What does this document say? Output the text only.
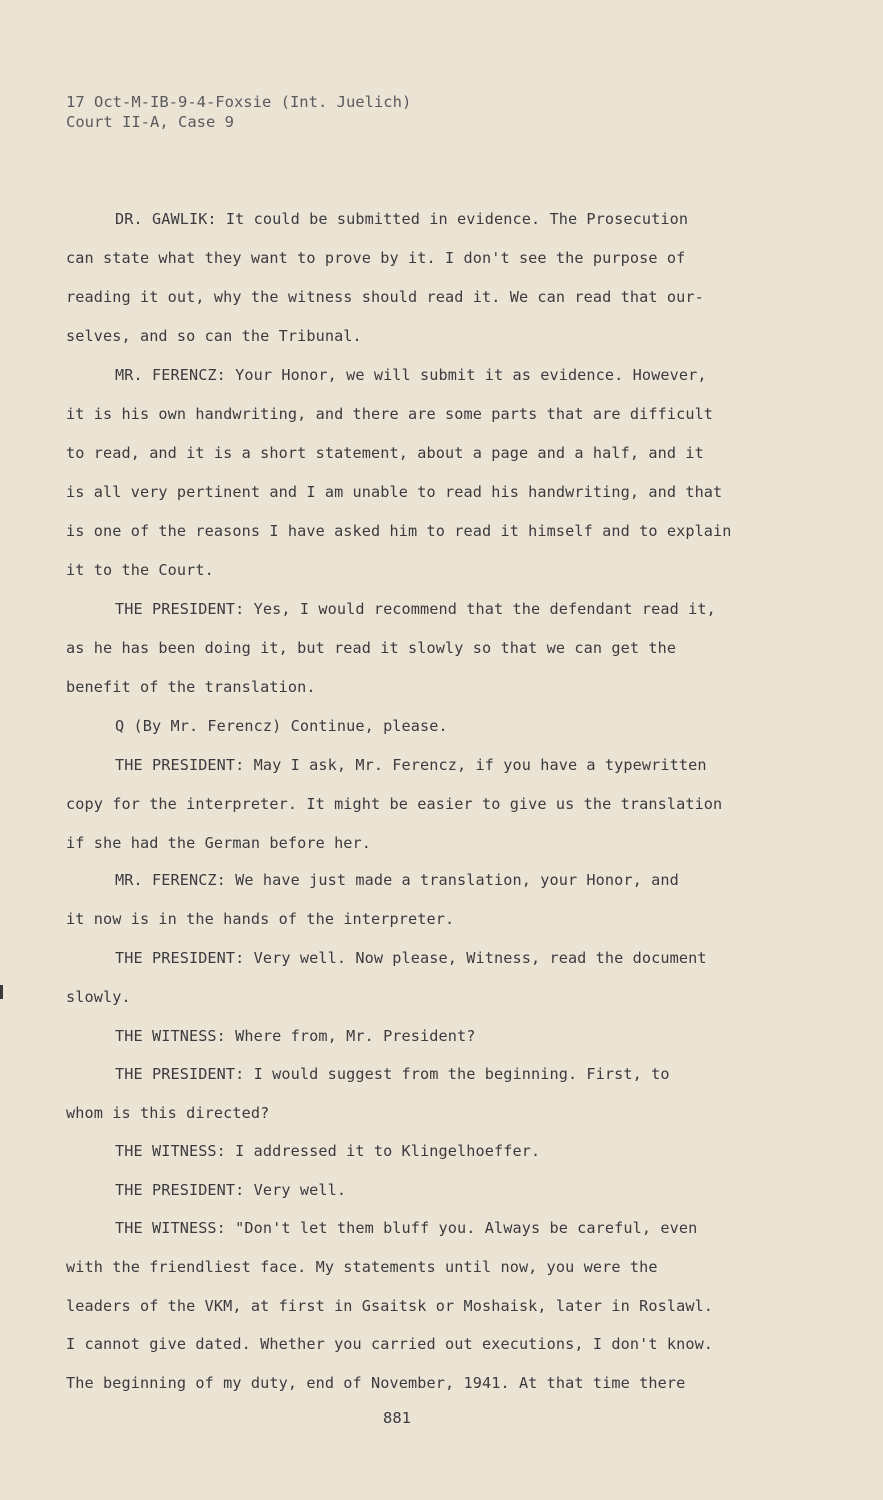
17 Oct-M-IB-9-4-Foxsie (Int. Juelich)
Court II-A, Case 9
DR. GAWLIK: It could be submitted in evidence. The Prosecution
can state what they want to prove by it. I don't see the purpose of
reading it out, why the witness should read it. We can read that our-
selves, and so can the Tribunal.
MR. FERENCZ: Your Honor, we will submit it as evidence. However,
it is his own handwriting, and there are some parts that are difficult
to read, and it is a short statement, about a page and a half, and it
is all very pertinent and I am unable to read his handwriting, and that
is one of the reasons I have asked him to read it himself and to explain
it to the Court.
THE PRESIDENT: Yes, I would recommend that the defendant read it,
as he has been doing it, but read it slowly so that we can get the
benefit of the translation.
Q (By Mr. Ferencz) Continue, please.
THE PRESIDENT: May I ask, Mr. Ferencz, if you have a typewritten
copy for the interpreter. It might be easier to give us the translation
if she had the German before her.
MR. FERENCZ: We have just made a translation, your Honor, and
it now is in the hands of the interpreter.
THE PRESIDENT: Very well. Now please, Witness, read the document
slowly.
THE WITNESS: Where from, Mr. President?
THE PRESIDENT: I would suggest from the beginning. First, to
whom is this directed?
THE WITNESS: I addressed it to Klingelhoeffer.
THE PRESIDENT: Very well.
THE WITNESS: "Don't let them bluff you. Always be careful, even
with the friendliest face. My statements until now, you were the
leaders of the VKM, at first in Gsaitsk or Moshaisk, later in Roslawl.
I cannot give dated. Whether you carried out executions, I don't know.
The beginning of my duty, end of November, 1941. At that time there
881
